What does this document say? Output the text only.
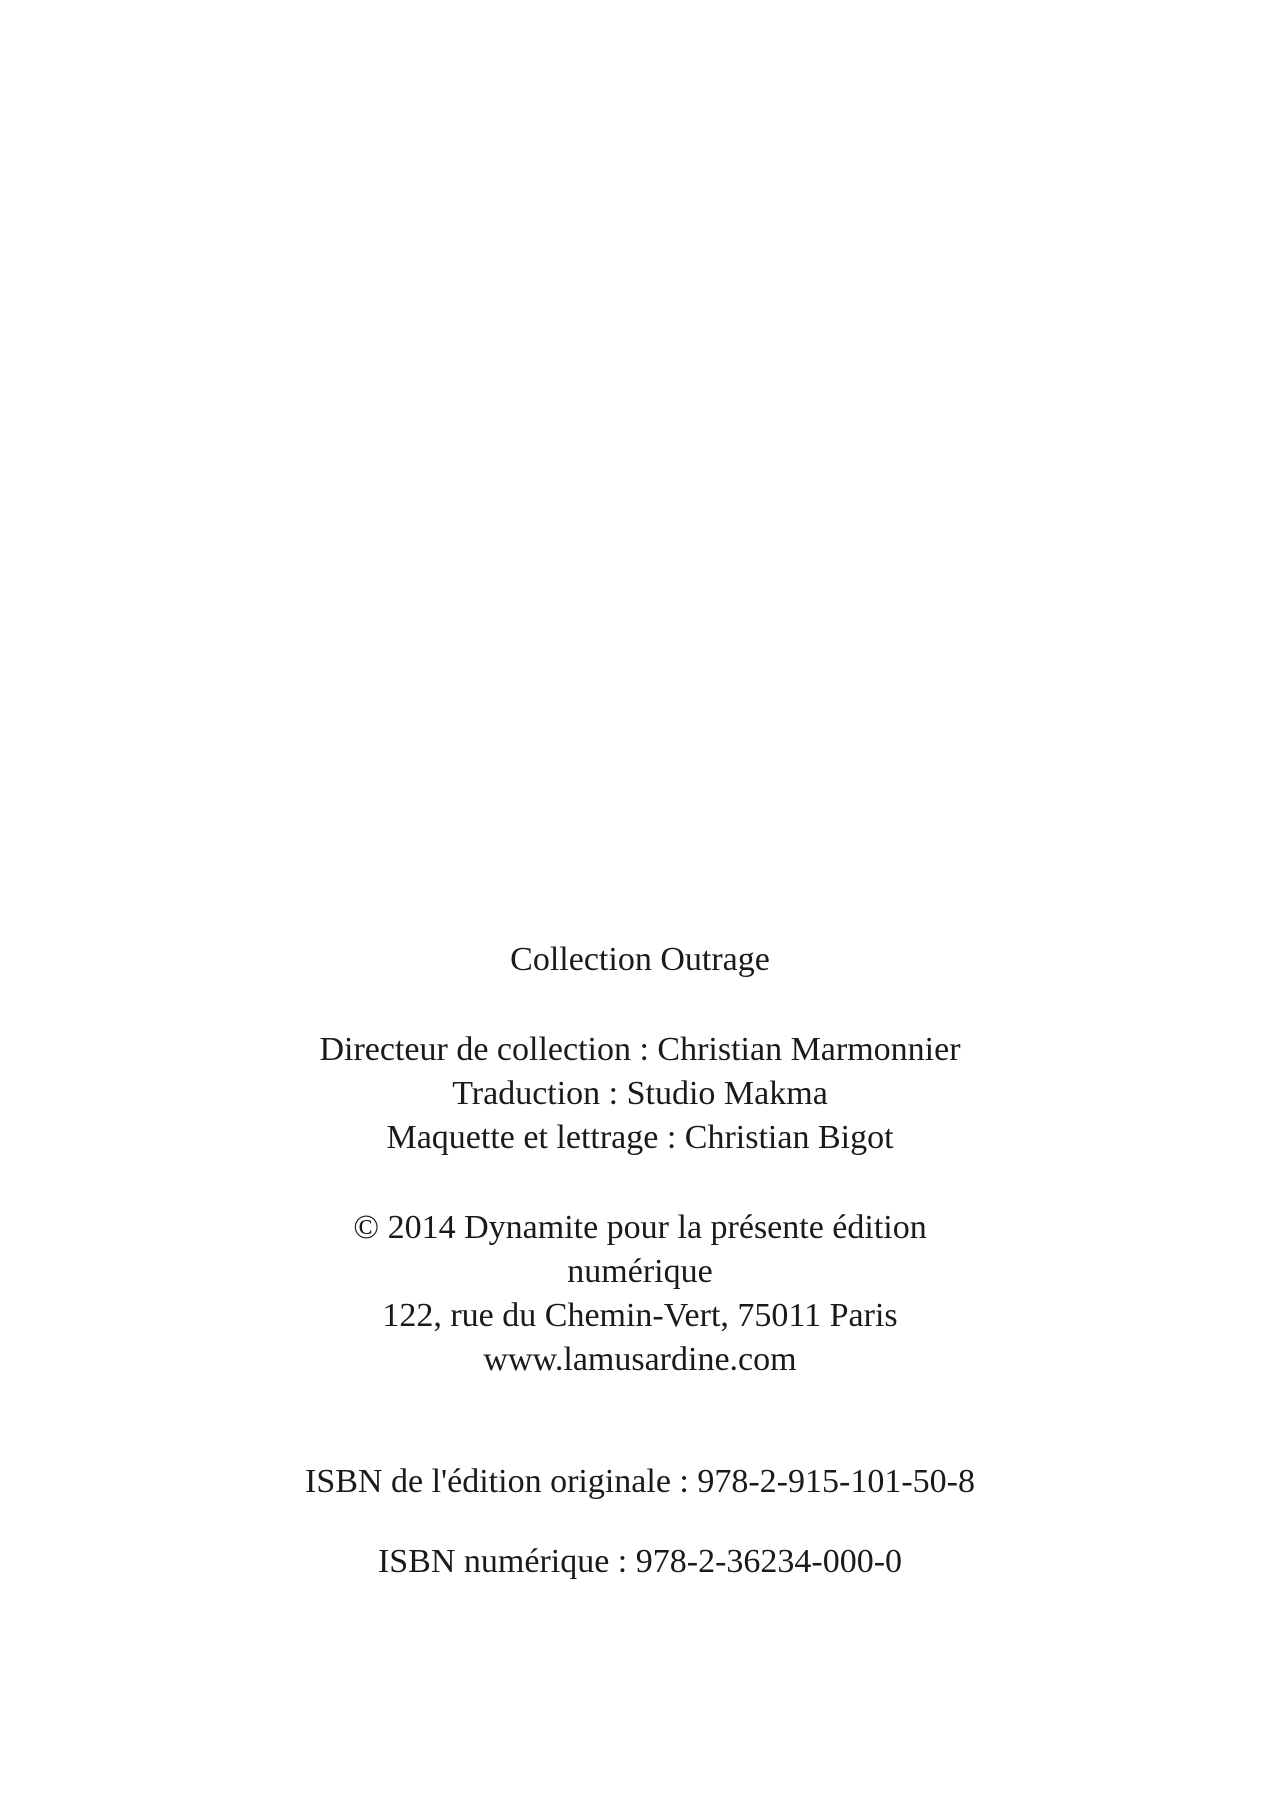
Collection Outrage
Directeur de collection : Christian Marmonnier
Traduction : Studio Makma
Maquette et lettrage : Christian Bigot
© 2014 Dynamite pour la présente édition
numérique
122, rue du Chemin-Vert, 75011 Paris
www.lamusardine.com
ISBN de l'édition originale : 978-2-915-101-50-8
ISBN numérique : 978-2-36234-000-0
